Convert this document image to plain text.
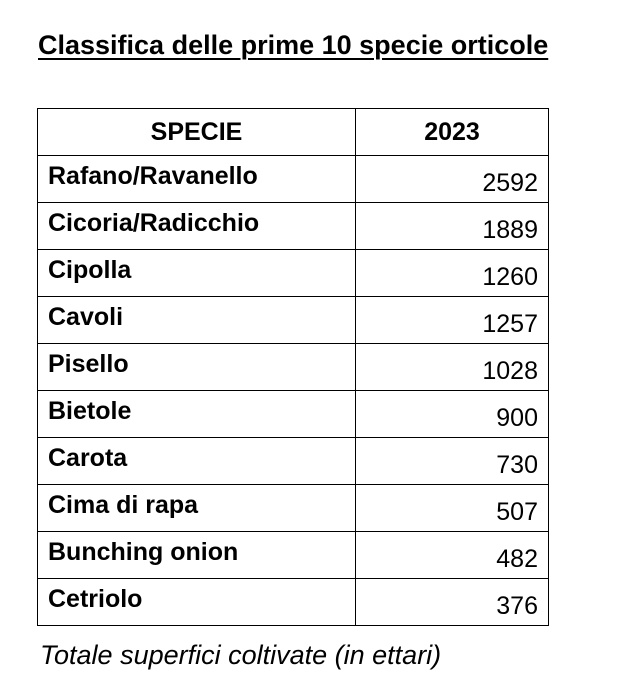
Classifica delle prime 10 specie orticole
SPECIE	2023
Rafano/Ravanello	2592
Cicoria/Radicchio	1889
Cipolla	1260
Cavoli	1257
Pisello	1028
Bietole	900
Carota	730
Cima di rapa	507
Bunching onion	482
Cetriolo	376
Totale superfici coltivate (in ettari)
